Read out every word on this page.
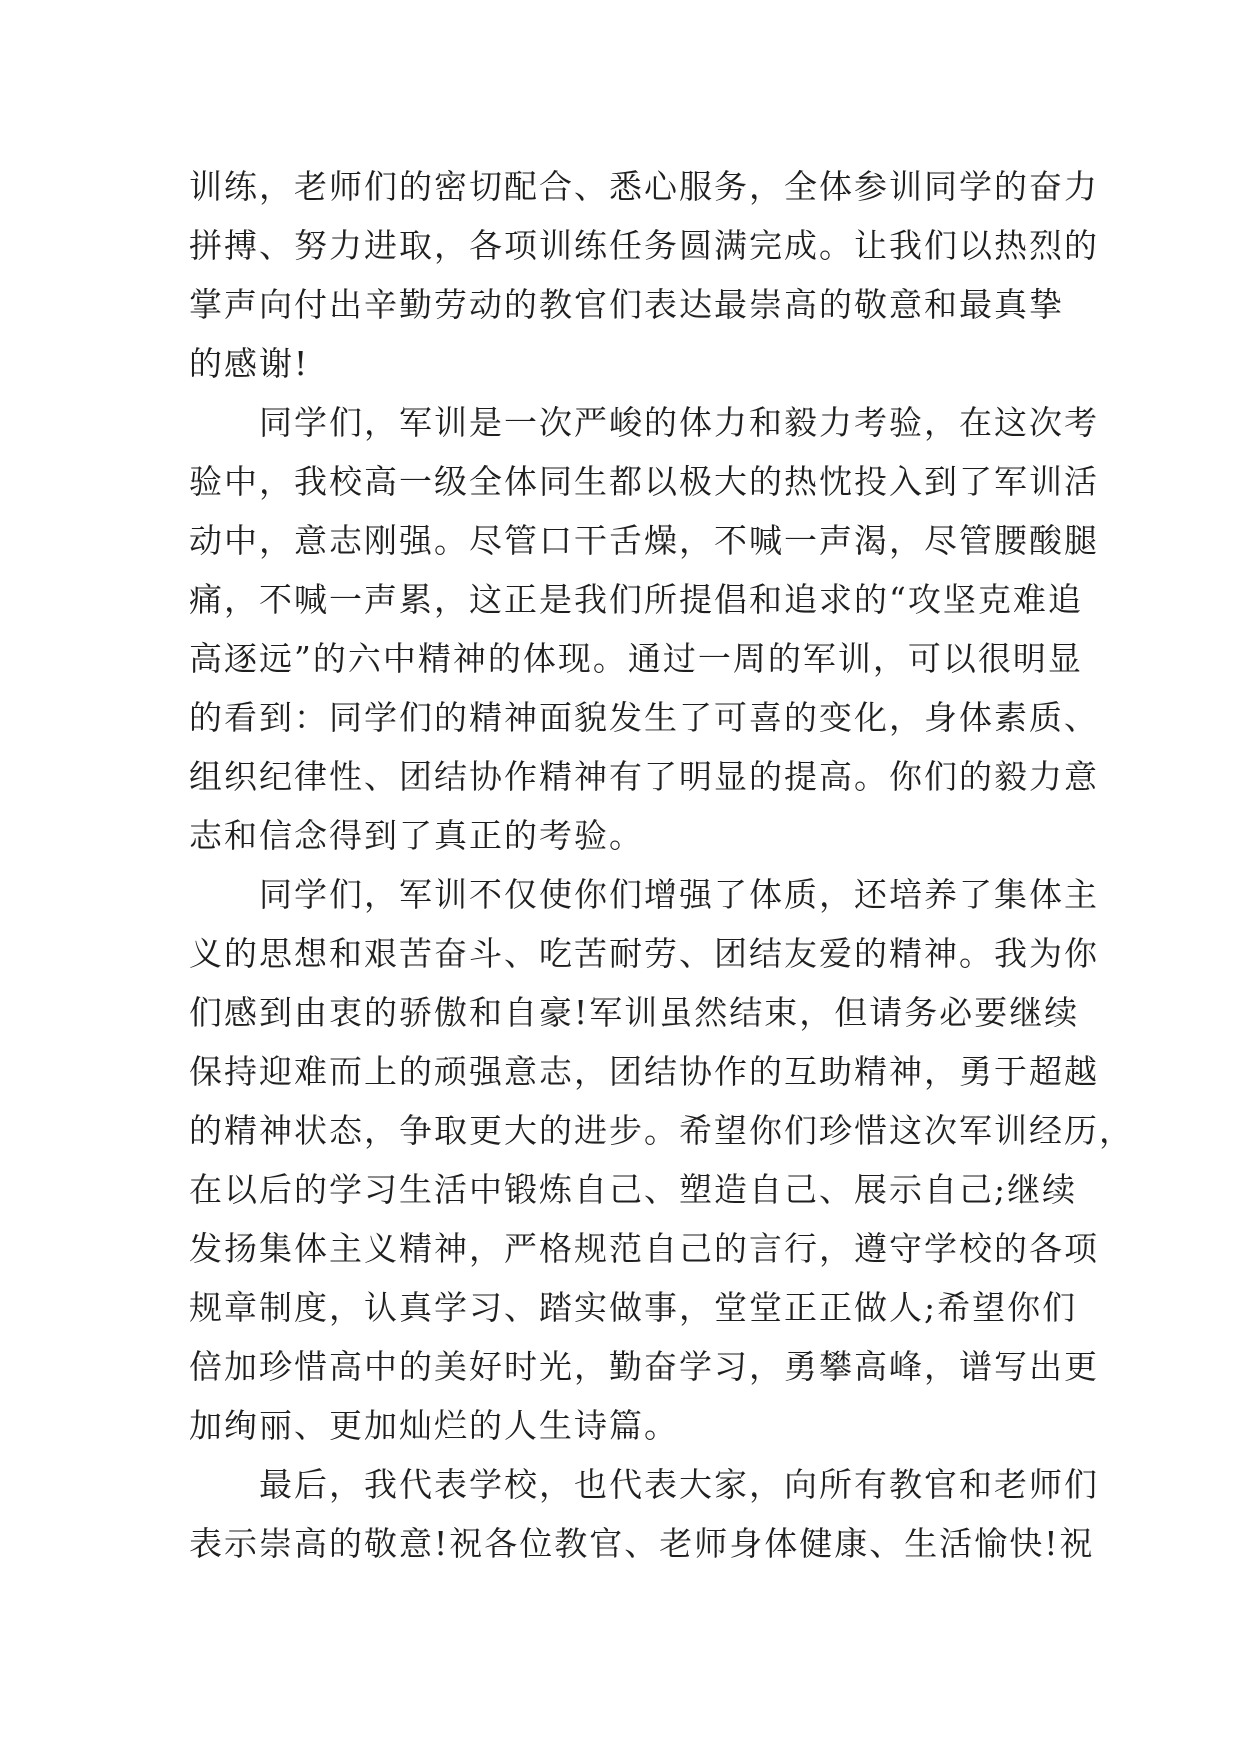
训练，老师们的密切配合、悉心服务，全体参训同学的奋力
拼搏、努力进取，各项训练任务圆满完成。让我们以热烈的
掌声向付出辛勤劳动的教官们表达最崇高的敬意和最真挚
的感谢!

同学们，军训是一次严峻的体力和毅力考验，在这次考
验中，我校高一级全体同生都以极大的热忱投入到了军训活
动中，意志刚强。尽管口干舌燥，不喊一声渴，尽管腰酸腿
痛，不喊一声累，这正是我们所提倡和追求的“攻坚克难追
高逐远”的六中精神的体现。通过一周的军训，可以很明显
的看到：同学们的精神面貌发生了可喜的变化，身体素质、
组织纪律性、团结协作精神有了明显的提高。你们的毅力意
志和信念得到了真正的考验。

同学们，军训不仅使你们增强了体质，还培养了集体主
义的思想和艰苦奋斗、吃苦耐劳、团结友爱的精神。我为你
们感到由衷的骄傲和自豪!军训虽然结束，但请务必要继续
保持迎难而上的顽强意志，团结协作的互助精神，勇于超越
的精神状态，争取更大的进步。希望你们珍惜这次军训经历，
在以后的学习生活中锻炼自己、塑造自己、展示自己;继续
发扬集体主义精神，严格规范自己的言行，遵守学校的各项
规章制度，认真学习、踏实做事，堂堂正正做人;希望你们
倍加珍惜高中的美好时光，勤奋学习，勇攀高峰，谱写出更
加绚丽、更加灿烂的人生诗篇。

最后，我代表学校，也代表大家，向所有教官和老师们
表示崇高的敬意!祝各位教官、老师身体健康、生活愉快!祝
